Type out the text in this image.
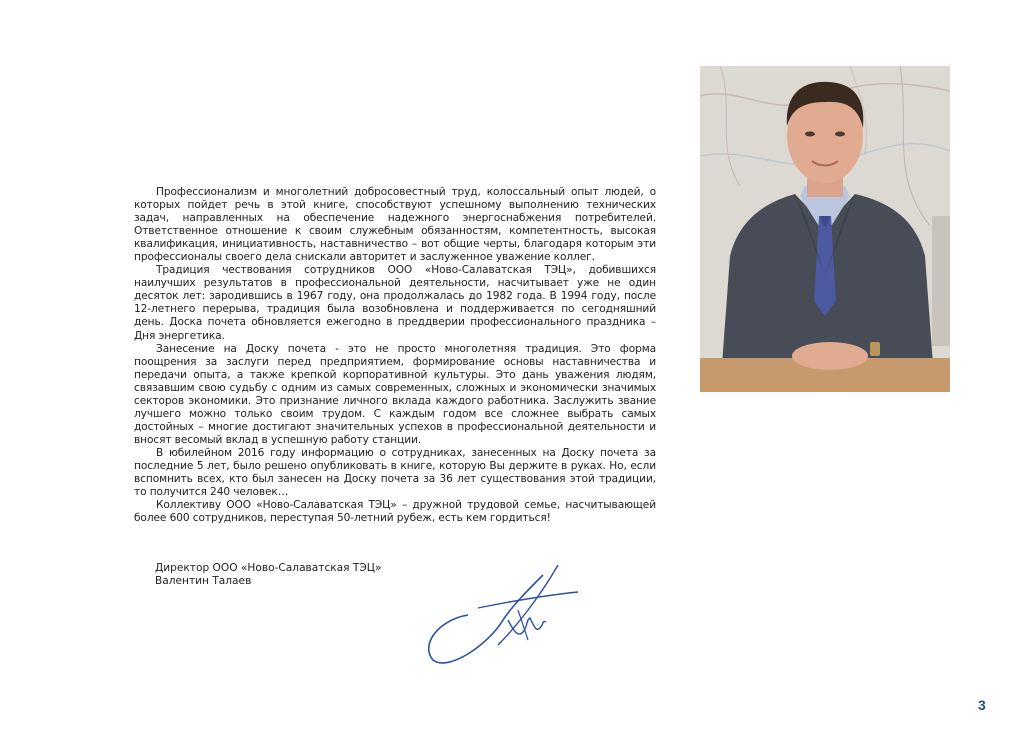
Профессионализм и многолетний добросовестный труд, колоссальный опыт людей, о которых пойдет речь в этой книге, способствуют успешному выполнению технических задач, направленных на обеспечение надежного энергоснабжения потребителей. Ответственное отношение к своим служебным обязанностям, компетентность, высокая квалификация, инициативность, наставничество – вот общие черты, благодаря которым эти профессионалы своего дела снискали авторитет и заслуженное уважение коллег.

Традиция чествования сотрудников ООО «Ново-Салаватская ТЭЦ», добившихся наилучших результатов в профессиональной деятельности, насчитывает уже не один десяток лет: зародившись в 1967 году, она продолжалась до 1982 года. В 1994 году, после 12-летнего перерыва, традиция была возобновлена и поддерживается по сегодняшний день. Доска почета обновляется ежегодно в преддверии профессионального праздника – Дня энергетика.

Занесение на Доску почета - это не просто многолетняя традиция. Это форма поощрения за заслуги перед предприятием, формирование основы наставничества и передачи опыта, а также крепкой корпоративной культуры. Это дань уважения людям, связавшим свою судьбу с одним из самых современных, сложных и экономически значимых секторов экономики. Это признание личного вклада каждого работника. Заслужить звание лучшего можно только своим трудом. С каждым годом все сложнее выбрать самых достойных – многие достигают значительных успехов в профессиональной деятельности и вносят весомый вклад в успешную работу станции.

В юбилейном 2016 году информацию о сотрудниках, занесенных на Доску почета за последние 5 лет, было решено опубликовать в книге, которую Вы держите в руках. Но, если вспомнить всех, кто был занесен на Доску почета за 36 лет существования этой традиции, то получится 240 человек…

Коллективу ООО «Ново-Салаватская ТЭЦ» – дружной трудовой семье, насчитывающей более 600 сотрудников, переступая 50-летний рубеж, есть кем гордиться!

Директор ООО «Ново-Салаватская ТЭЦ»
Валентин Талаев
3
